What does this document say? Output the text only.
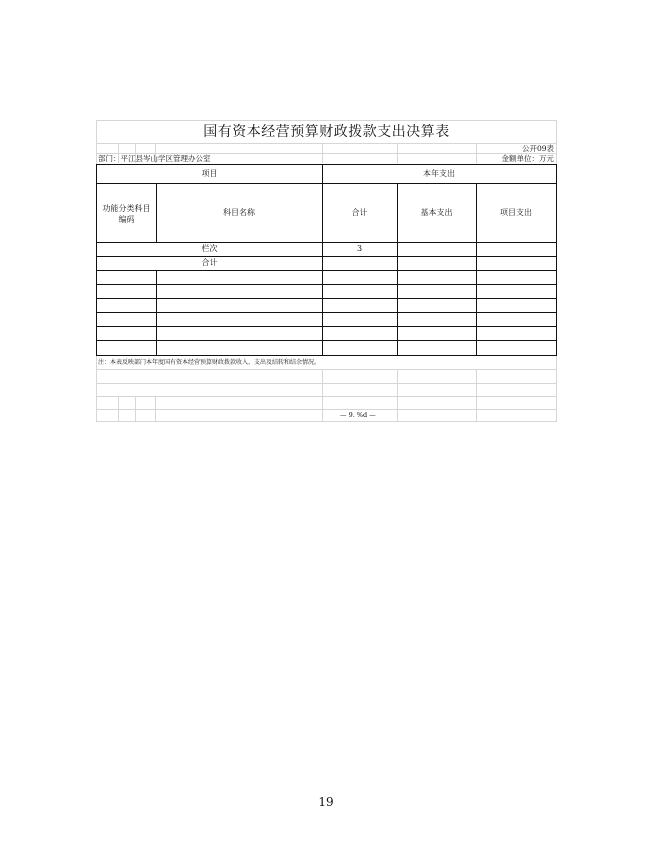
国有资本经营预算财政拨款支出决算表
公开09表
部门：平江县岑山学区管理办公室	金额单位：万元
项目	本年支出
功能分类科目编码
科目名称	合计	基本支出	项目支出
栏次	3
合计
注：本表反映部门本年度国有资本经营预算财政拨款收入、支出及结转和结余情况。
— 9. %d —
19
